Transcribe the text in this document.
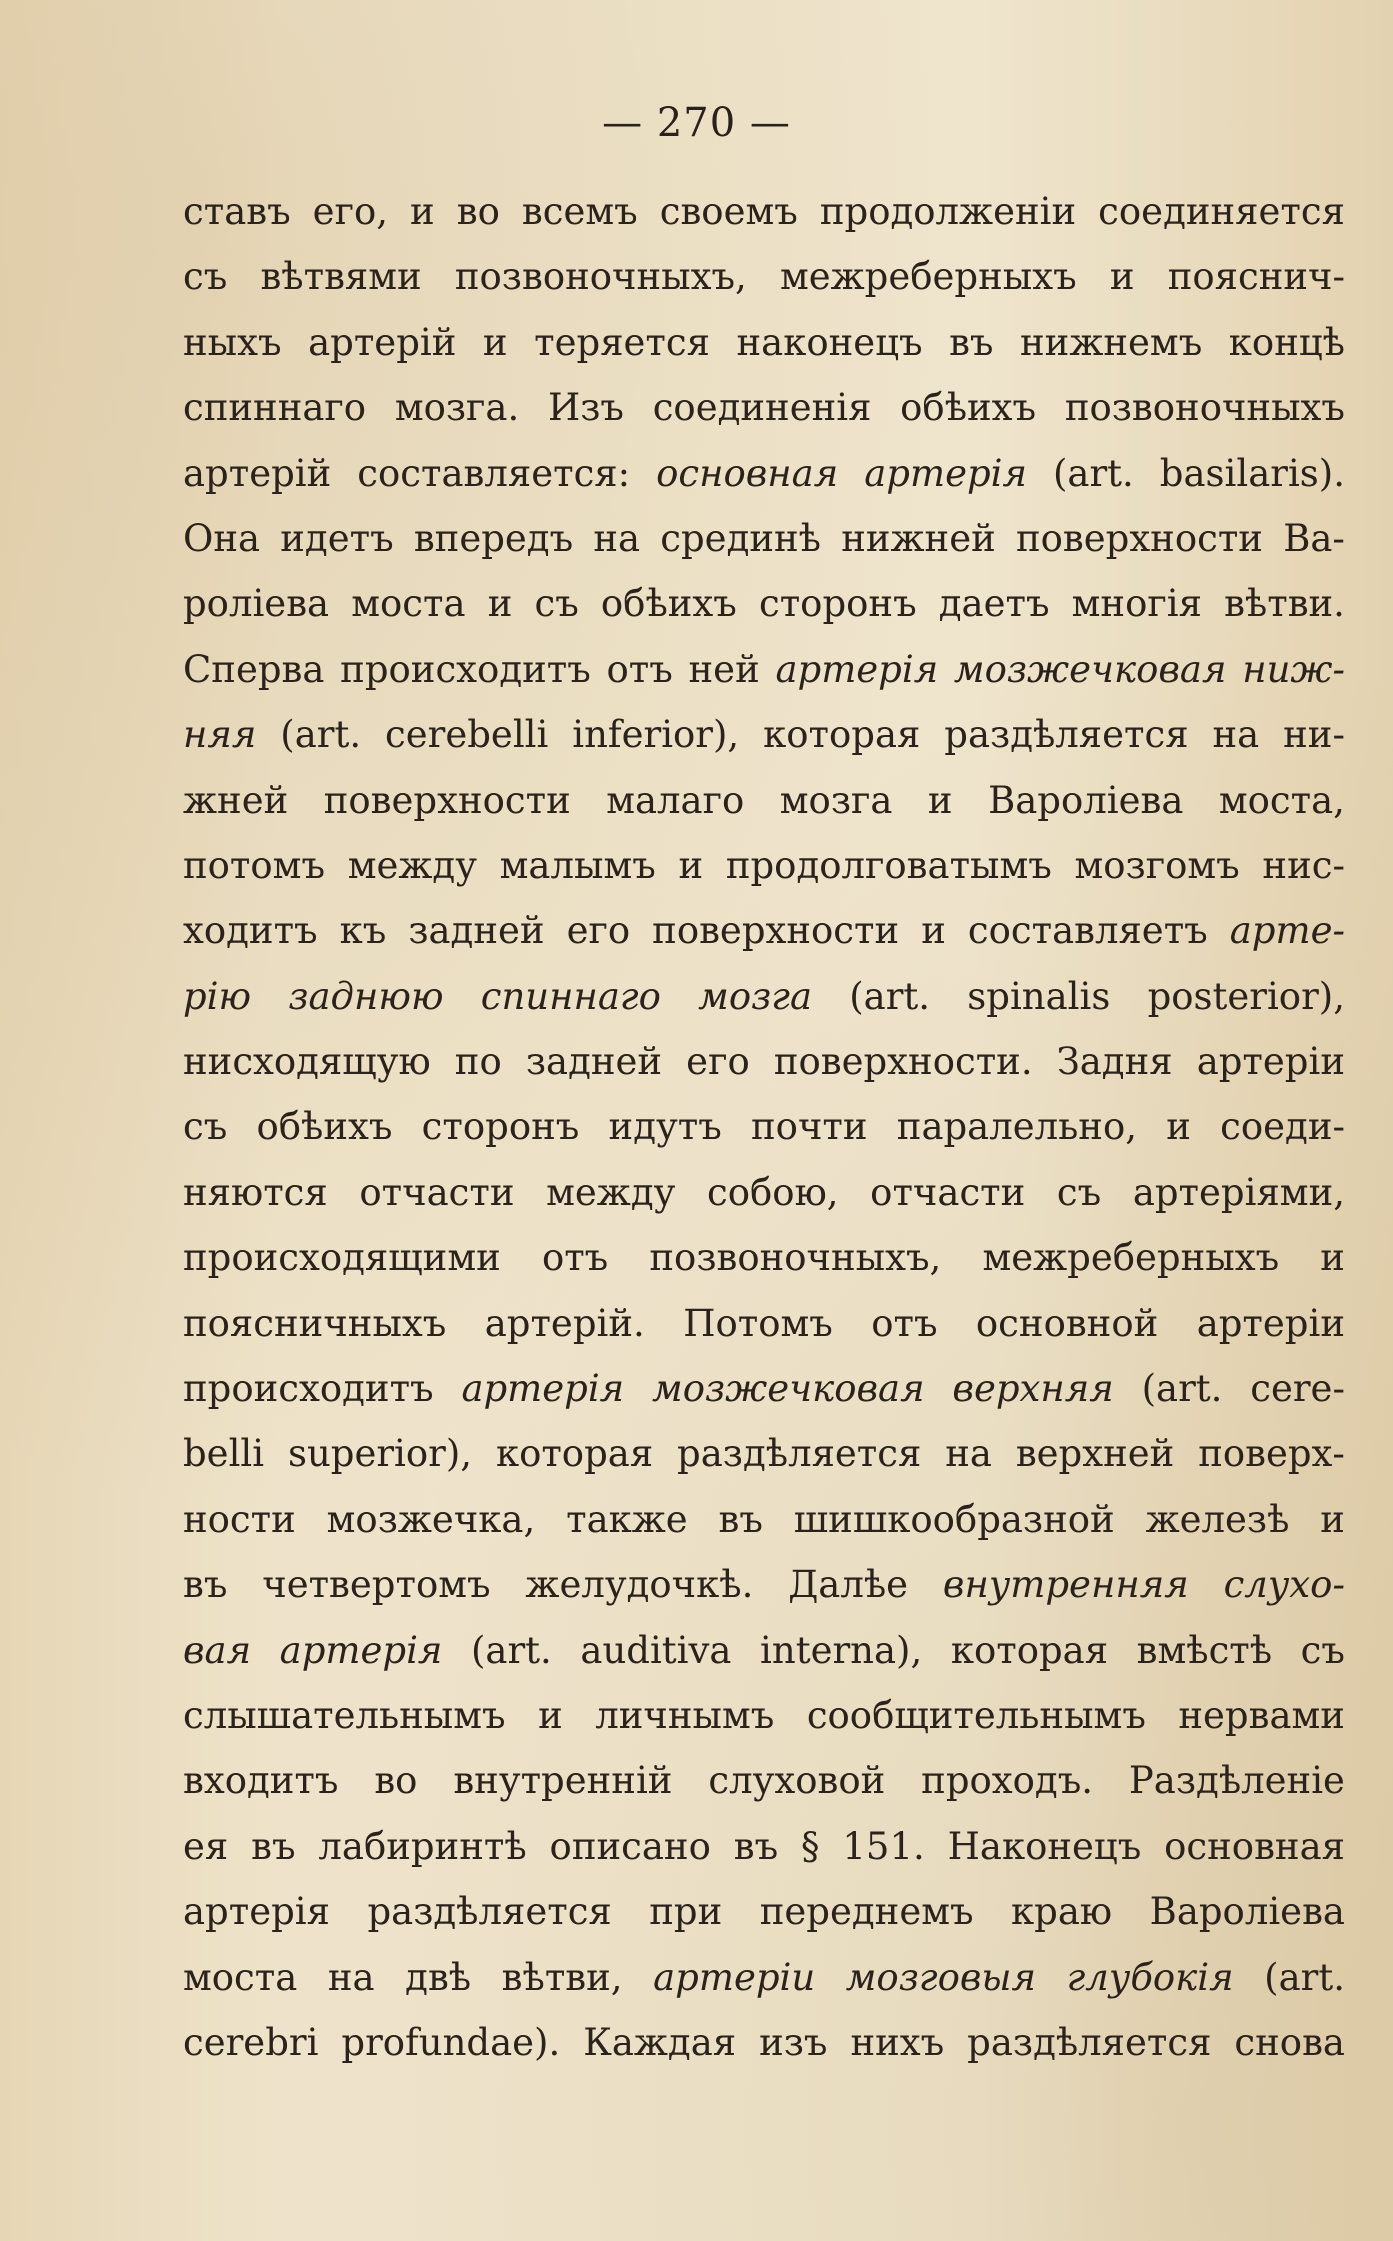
— 270 —
ставъ его, и во всемъ своемъ продолженіи соединяется
съ вѣтвями позвоночныхъ, межреберныхъ и пояснич-
ныхъ артерій и теряется наконецъ въ нижнемъ концѣ
спиннаго мозга. Изъ соединенія обѣихъ позвоночныхъ
артерій составляется: основная артерія (art. basilaris).
Она идетъ впередъ на срединѣ нижней поверхности Ва-
роліева моста и съ обѣихъ сторонъ даетъ многія вѣтви.
Сперва происходитъ отъ ней артерія мозжечковая ниж-
няя (art. cerebelli inferior), которая раздѣляется на ни-
жней поверхности малаго мозга и Вароліева моста,
потомъ между малымъ и продолговатымъ мозгомъ нис-
ходитъ къ задней его поверхности и составляетъ арте-
рію заднюю спиннаго мозга (art. spinalis posterior),
нисходящую по задней его поверхности. Задня артеріи
съ обѣихъ сторонъ идутъ почти паралельно, и соеди-
няются отчасти между собою, отчасти съ артеріями,
происходящими отъ позвоночныхъ, межреберныхъ и
поясничныхъ артерій. Потомъ отъ основной артеріи
происходитъ артерія мозжечковая верхняя (art. cere-
belli superior), которая раздѣляется на верхней поверх-
ности мозжечка, также въ шишкообразной железѣ и
въ четвертомъ желудочкѣ. Далѣе внутренняя слухо-
вая артерія (art. auditiva interna), которая вмѣстѣ съ
слышательнымъ и личнымъ сообщительнымъ нервами
входитъ во внутренній слуховой проходъ. Раздѣленіе
ея въ лабиринтѣ описано въ § 151. Наконецъ основная
артерія раздѣляется при переднемъ краю Вароліева
моста на двѣ вѣтви, артеріи мозговыя глубокія (art.
cerebri profundae). Каждая изъ нихъ раздѣляется снова
